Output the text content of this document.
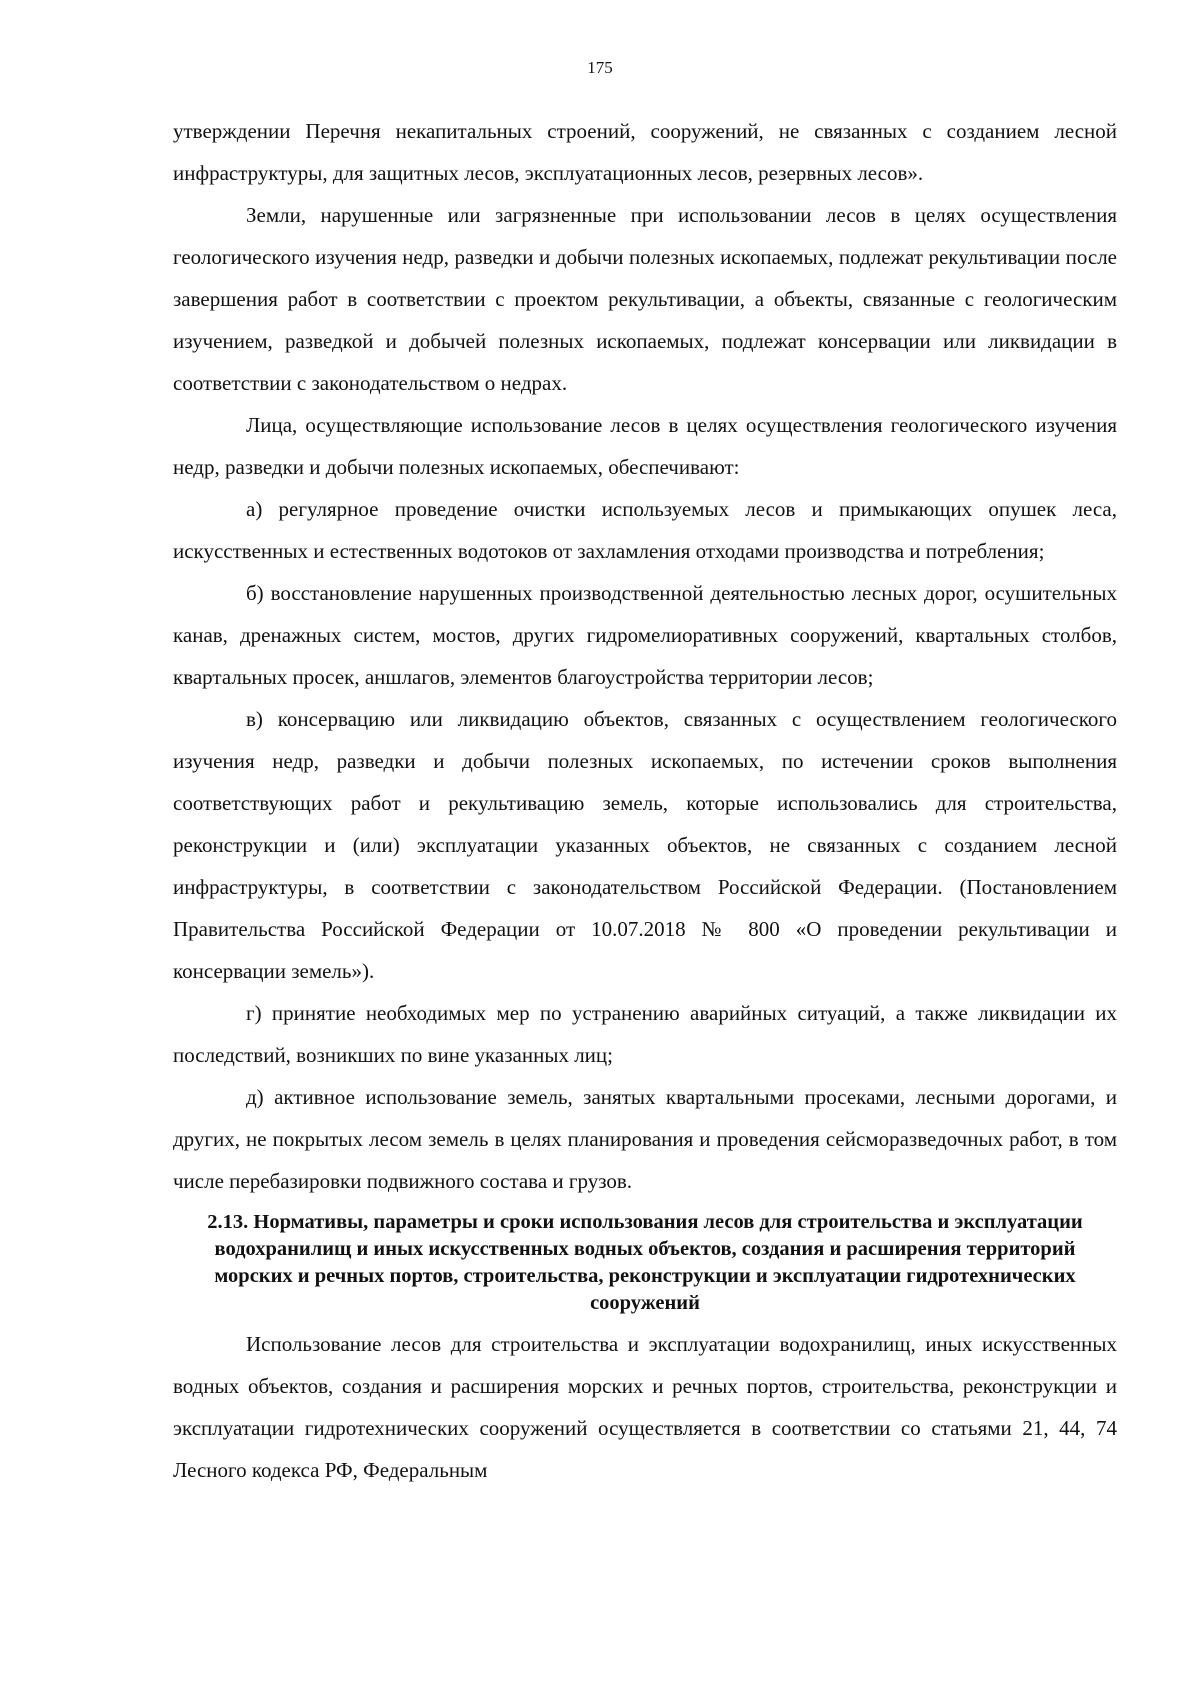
175

утверждении Перечня некапитальных строений, сооружений, не связанных с созданием лесной инфраструктуры, для защитных лесов, эксплуатационных лесов, резервных лесов».

Земли, нарушенные или загрязненные при использовании лесов в целях осуществления геологического изучения недр, разведки и добычи полезных ископаемых, подлежат рекультивации после завершения работ в соответствии с проектом рекультивации, а объекты, связанные с геологическим изучением, разведкой и добычей полезных ископаемых, подлежат консервации или ликвидации в соответствии с законодательством о недрах.

Лица, осуществляющие использование лесов в целях осуществления геологического изучения недр, разведки и добычи полезных ископаемых, обеспечивают:

а) регулярное проведение очистки используемых лесов и примыкающих опушек леса, искусственных и естественных водотоков от захламления отходами производства и потребления;

б) восстановление нарушенных производственной деятельностью лесных дорог, осушительных канав, дренажных систем, мостов, других гидромелиоративных сооружений, квартальных столбов, квартальных просек, аншлагов, элементов благоустройства территории лесов;

в) консервацию или ликвидацию объектов, связанных с осуществлением геологического изучения недр, разведки и добычи полезных ископаемых, по истечении сроков выполнения соответствующих работ и рекультивацию земель, которые использовались для строительства, реконструкции и (или) эксплуатации указанных объектов, не связанных с созданием лесной инфраструктуры, в соответствии с законодательством Российской Федерации. (Постановлением Правительства Российской Федерации от 10.07.2018 № 800 «О проведении рекультивации и консервации земель»).

г) принятие необходимых мер по устранению аварийных ситуаций, а также ликвидации их последствий, возникших по вине указанных лиц;

д) активное использование земель, занятых квартальными просеками, лесными дорогами, и других, не покрытых лесом земель в целях планирования и проведения сейсморазведочных работ, в том числе перебазировки подвижного состава и грузов.

2.13. Нормативы, параметры и сроки использования лесов для строительства и эксплуатации водохранилищ и иных искусственных водных объектов, создания и расширения территорий морских и речных портов, строительства, реконструкции и эксплуатации гидротехнических сооружений

Использование лесов для строительства и эксплуатации водохранилищ, иных искусственных водных объектов, создания и расширения морских и речных портов, строительства, реконструкции и эксплуатации гидротехнических сооружений осуществляется в соответствии со статьями 21, 44, 74 Лесного кодекса РФ, Федеральным
